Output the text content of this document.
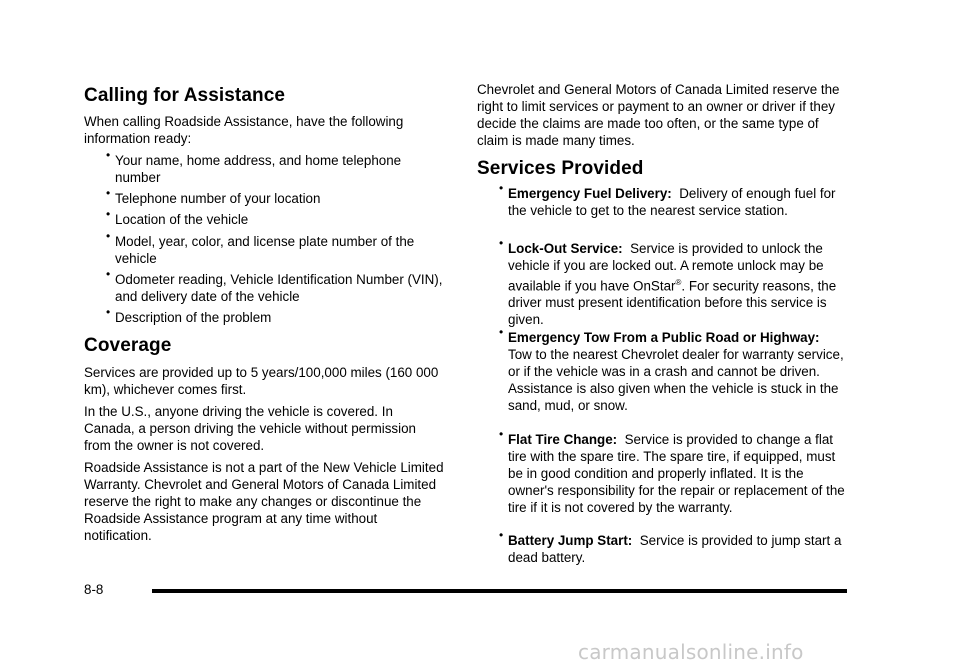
Calling for Assistance

When calling Roadside Assistance, have the following information ready:

• Your name, home address, and home telephone number
• Telephone number of your location
• Location of the vehicle
• Model, year, color, and license plate number of the vehicle
• Odometer reading, Vehicle Identification Number (VIN), and delivery date of the vehicle
• Description of the problem
Coverage

Services are provided up to 5 years/100,000 miles (160 000 km), whichever comes first.

In the U.S., anyone driving the vehicle is covered. In Canada, a person driving the vehicle without permission from the owner is not covered.

Roadside Assistance is not a part of the New Vehicle Limited Warranty. Chevrolet and General Motors of Canada Limited reserve the right to make any changes or discontinue the Roadside Assistance program at any time without notification.

Chevrolet and General Motors of Canada Limited reserve the right to limit services or payment to an owner or driver if they decide the claims are made too often, or the same type of claim is made many times.

Services Provided
• Emergency Fuel Delivery: Delivery of enough fuel for the vehicle to get to the nearest service station.
• Lock-Out Service: Service is provided to unlock the vehicle if you are locked out. A remote unlock may be available if you have OnStar®. For security reasons, the driver must present identification before this service is given.
• Emergency Tow From a Public Road or Highway:  Tow to the nearest Chevrolet dealer for warranty service, or if the vehicle was in a crash and cannot be driven. Assistance is also given when the vehicle is stuck in the sand, mud, or snow.
• Flat Tire Change: Service is provided to change a flat tire with the spare tire. The spare tire, if equipped, must be in good condition and properly inflated. It is the owner's responsibility for the repair or replacement of the tire if it is not covered by the warranty.
• Battery Jump Start: Service is provided to jump start a dead battery.
8-8
carmanualsonline.info
